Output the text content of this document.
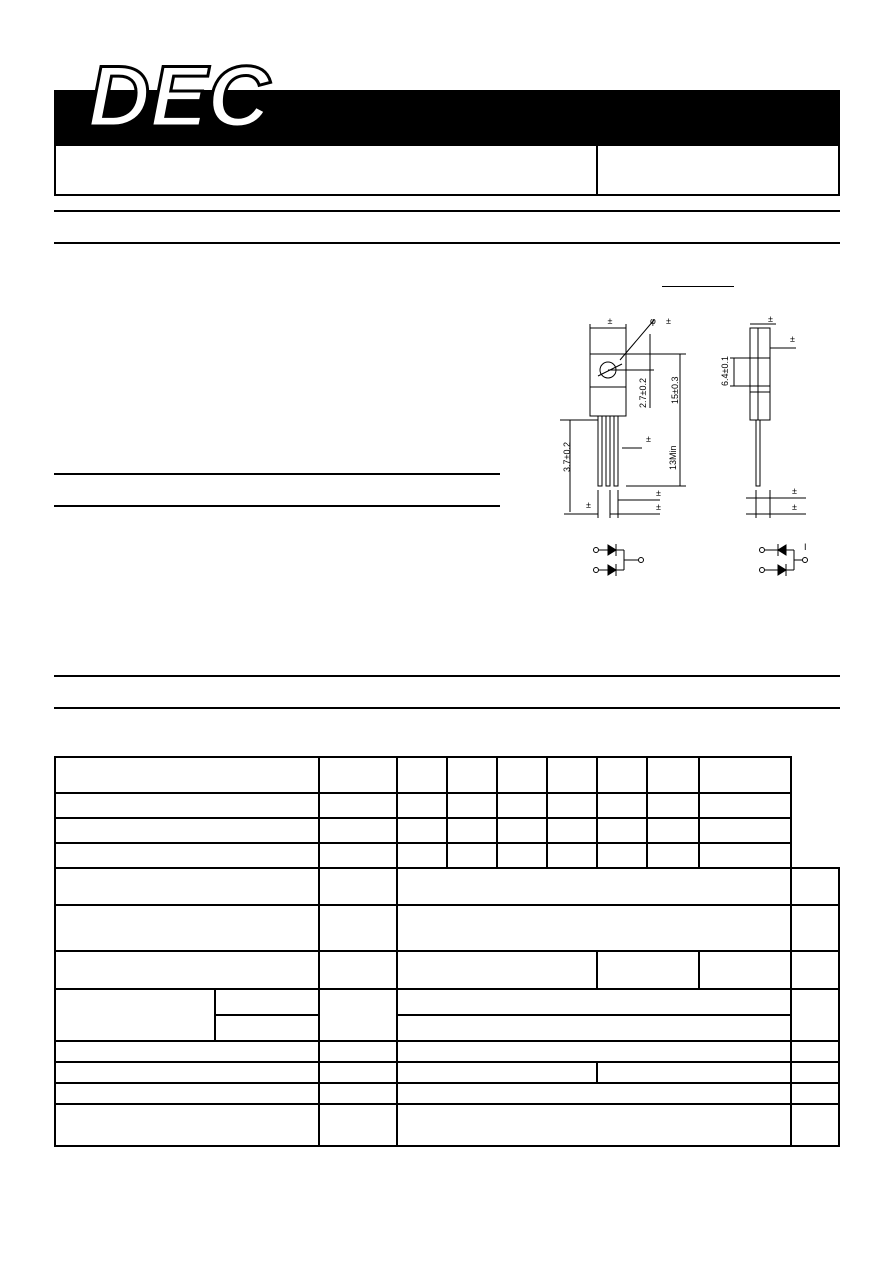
DEC
±	φ ±
2.7±0.2 15±0.3
13Min
3.7±0.2
±
±
±
±
±
±
6.4±0.1
±
±
I
